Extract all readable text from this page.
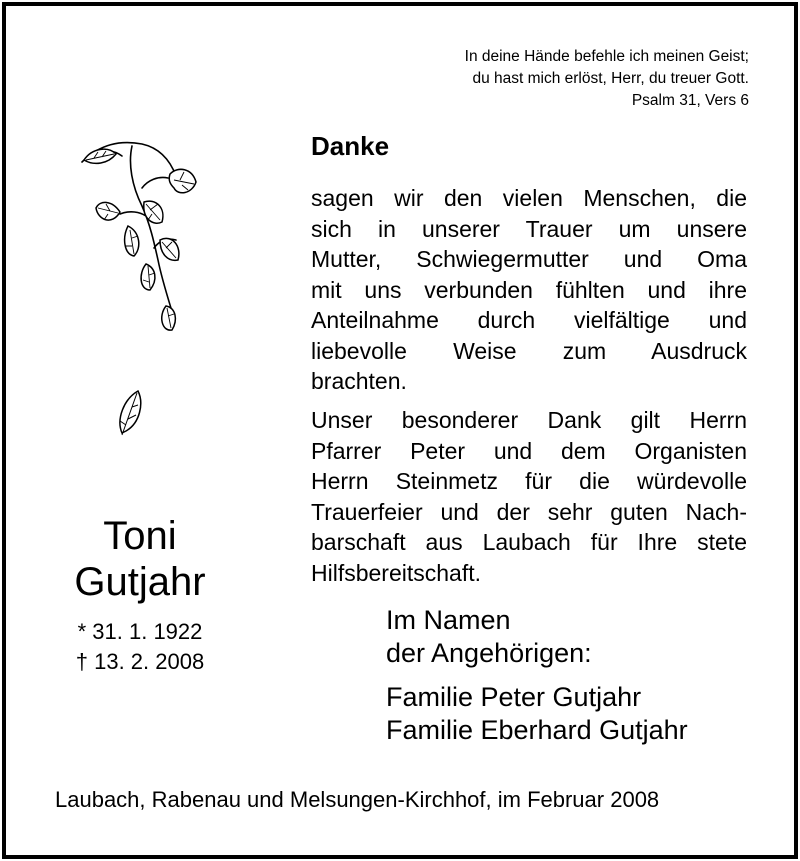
In deine Hände befehle ich meinen Geist;
du hast mich erlöst, Herr, du treuer Gott.
Psalm 31, Vers 6
Danke
sagen wir den vielen Menschen, die
sich in unserer Trauer um unsere
Mutter, Schwiegermutter und Oma
mit uns verbunden fühlten und ihre
Anteilnahme durch vielfältige und
liebevolle Weise zum Ausdruck
brachten.
Unser besonderer Dank gilt Herrn
Pfarrer Peter und dem Organisten
Herrn Steinmetz für die würdevolle
Trauerfeier und der sehr guten Nach-
barschaft aus Laubach für Ihre stete
Hilfsbereitschaft.
Toni
Gutjahr
* 31. 1. 1922
† 13. 2. 2008
Im Namen
der Angehörigen:
Familie Peter Gutjahr
Familie Eberhard Gutjahr
Laubach, Rabenau und Melsungen-Kirchhof, im Februar 2008
